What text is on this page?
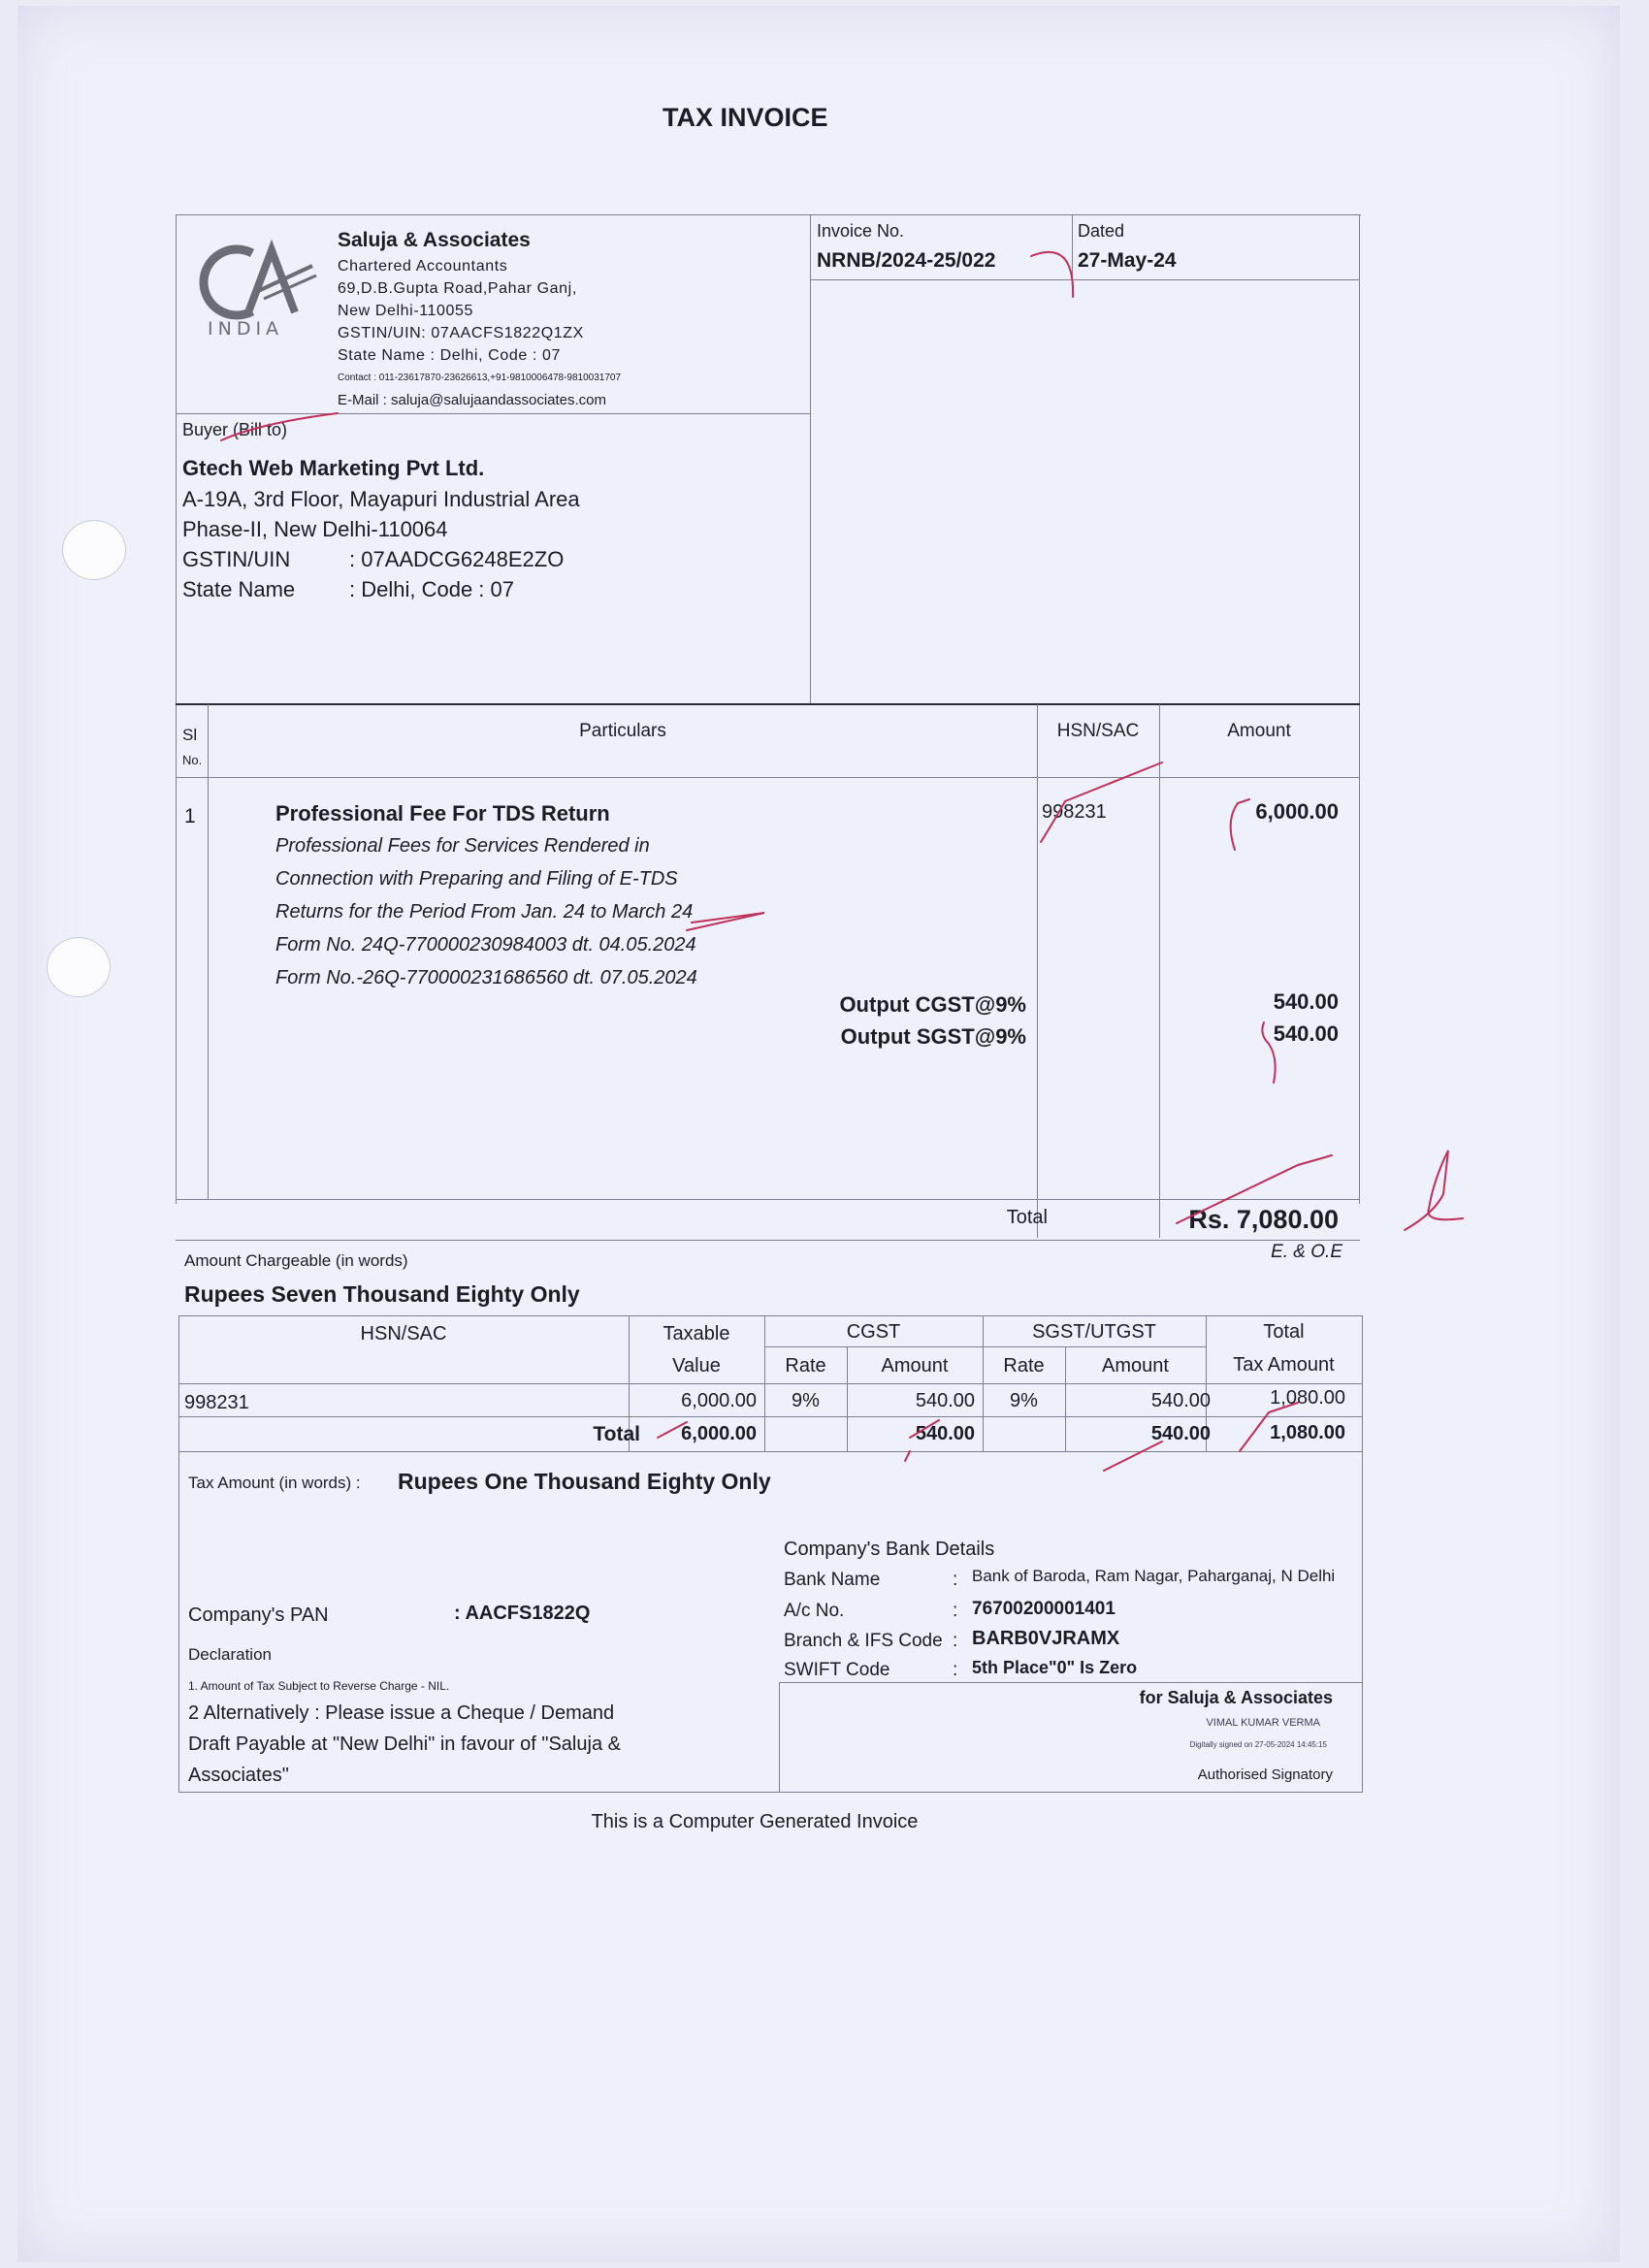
TAX INVOICE
INDIA
Saluja & Associates
Chartered Accountants
69,D.B.Gupta Road,Pahar Ganj,
New Delhi-110055
GSTIN/UIN: 07AACFS1822Q1ZX
State Name : Delhi, Code : 07
Contact : 011-23617870-23626613,+91-9810006478-9810031707
E-Mail : saluja@salujaandassociates.com
Invoice No.
NRNB/2024-25/022
Dated
27-May-24
Buyer (Bill to)
Gtech Web Marketing Pvt Ltd.
A-19A, 3rd Floor, Mayapuri Industrial Area
Phase-II, New Delhi-110064
GSTIN/UIN	: 07AADCG6248E2ZO
State Name	: Delhi, Code : 07
Sl
No.
Particulars	HSN/SAC	Amount
1	Professional Fee For TDS Return
Professional Fees for Services Rendered in
Connection with Preparing and Filing of E-TDS
Returns for the Period From Jan. 24 to March 24
Form No. 24Q-770000230984003 dt. 04.05.2024
Form No.-26Q-770000231686560 dt. 07.05.2024
998231	6,000.00
Output CGST@9%	540.00
Output SGST@9%	540.00
Total	Rs. 7,080.00
Amount Chargeable (in words)	E. & O.E
Rupees Seven Thousand Eighty Only
HSN/SAC	Taxable
Value
CGST	SGST/UTGST	Total
Tax Amount
Rate	Amount	Rate	Amount
998231	6,000.00	9%	540.00	9%	540.00	1,080.00
Total	6,000.00	540.00	540.00	1,080.00
Tax Amount (in words) : Rupees One Thousand Eighty Only
Company's PAN	: AACFS1822Q
Declaration
1. Amount of Tax Subject to Reverse Charge - NIL.
2 Alternatively : Please issue a Cheque / Demand
Draft Payable at "New Delhi" in favour of "Saluja &
Associates"
Company's Bank Details
Bank Name	: Bank of Baroda, Ram Nagar, Paharganaj, N Delhi
A/c No.	: 76700200001401
Branch & IFS Code : BARB0VJRAMX
SWIFT Code	: 5th Place"0" Is Zero
for Saluja & Associates
VIMAL KUMAR VERMA
Digitally signed on 27-05-2024 14:45:15
Authorised Signatory
This is a Computer Generated Invoice
